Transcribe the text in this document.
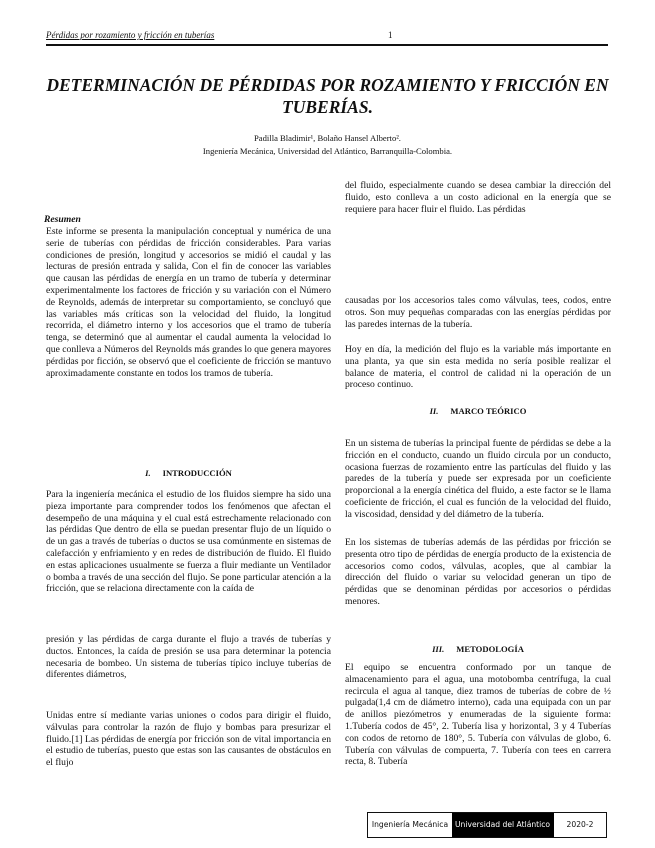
Pérdidas por rozamiento y fricción en tuberías	1
DETERMINACIÓN DE PÉRDIDAS POR ROZAMIENTO Y FRICCIÓN EN TUBERÍAS.
Padilla Bladimir¹, Bolaño Hansel Alberto².
Ingeniería Mecánica, Universidad del Atlántico, Barranquilla-Colombia.
Resumen

Este informe se presenta la manipulación conceptual y numérica de una serie de tuberías con pérdidas de fricción considerables. Para varias condiciones de presión, longitud y accesorios se midió el caudal y las lecturas de presión entrada y salida, Con el fin de conocer las variables que causan las pérdidas de energía en un tramo de tubería y determinar experimentalmente los factores de fricción y su variación con el Número de Reynolds, además de interpretar su comportamiento, se concluyó que las variables más críticas son la velocidad del fluido, la longitud recorrida, el diámetro interno y los accesorios que el tramo de tubería tenga, se determinó que al aumentar el caudal aumenta la velocidad lo que conlleva a Números del Reynolds más grandes lo que genera mayores pérdidas por ficción, se observó que el coeficiente de fricción se mantuvo aproximadamente constante en todos los tramos de tubería.

I. INTRODUCCIÓN

Para la ingeniería mecánica el estudio de los fluidos siempre ha sido una pieza importante para comprender todos los fenómenos que afectan el desempeño de una máquina y el cual está estrechamente relacionado con las pérdidas Que dentro de ella se puedan presentar flujo de un líquido o de un gas a través de tuberías o ductos se usa comúnmente en sistemas de calefacción y enfriamiento y en redes de distribución de fluido. El fluido en estas aplicaciones usualmente se fuerza a fluir mediante un Ventilador o bomba a través de una sección del flujo. Se pone particular atención a la fricción, que se relaciona directamente con la caída de

presión y las pérdidas de carga durante el flujo a través de tuberías y ductos. Entonces, la caída de presión se usa para determinar la potencia necesaria de bombeo. Un sistema de tuberías típico incluye tuberías de diferentes diámetros,

Unidas entre sí mediante varias uniones o codos para dirigir el fluido, válvulas para controlar la razón de flujo y bombas para presurizar el fluido.[1] Las pérdidas de energía por fricción son de vital importancia en el estudio de tuberías, puesto que estas son las causantes de obstáculos en el flujo

del fluido, especialmente cuando se desea cambiar la dirección del fluido, esto conlleva a un costo adicional en la energía que se requiere para hacer fluir el fluido. Las pérdidas

causadas por los accesorios tales como válvulas, tees, codos, entre otros. Son muy pequeñas comparadas con las energías pérdidas por las paredes internas de la tubería.

Hoy en día, la medición del flujo es la variable más importante en una planta, ya que sin esta medida no sería posible realizar el balance de materia, el control de calidad ni la operación de un proceso continuo.

II. MARCO TEÓRICO

En un sistema de tuberías la principal fuente de pérdidas se debe a la fricción en el conducto, cuando un fluido circula por un conducto, ocasiona fuerzas de rozamiento entre las partículas del fluido y las paredes de la tubería y puede ser expresada por un coeficiente proporcional a la energía cinética del fluido, a este factor se le llama coeficiente de fricción, el cual es función de la velocidad del fluido, la viscosidad, densidad y del diámetro de la tubería.

En los sistemas de tuberías además de las pérdidas por fricción se presenta otro tipo de pérdidas de energía producto de la existencia de accesorios como codos, válvulas, acoples, que al cambiar la dirección del fluido o variar su velocidad generan un tipo de pérdidas que se denominan pérdidas por accesorios o pérdidas menores.

III. METODOLOGÍA

El equipo se encuentra conformado por un tanque de almacenamiento para el agua, una motobomba centrífuga, la cual recircula el agua al tanque, diez tramos de tuberías de cobre de ½ pulgada(1,4 cm de diámetro interno), cada una equipada con un par de anillos piezómetros y enumeradas de la siguiente forma: 1.Tubería codos de 45°, 2. Tubería lisa y horizontal, 3 y 4 Tuberías con codos de retorno de 180°, 5. Tubería con válvulas de globo, 6. Tubería con válvulas de compuerta, 7. Tubería con tees en carrera recta, 8. Tubería

Ingeniería Mecánica Universidad del Atlántico	2020-2
